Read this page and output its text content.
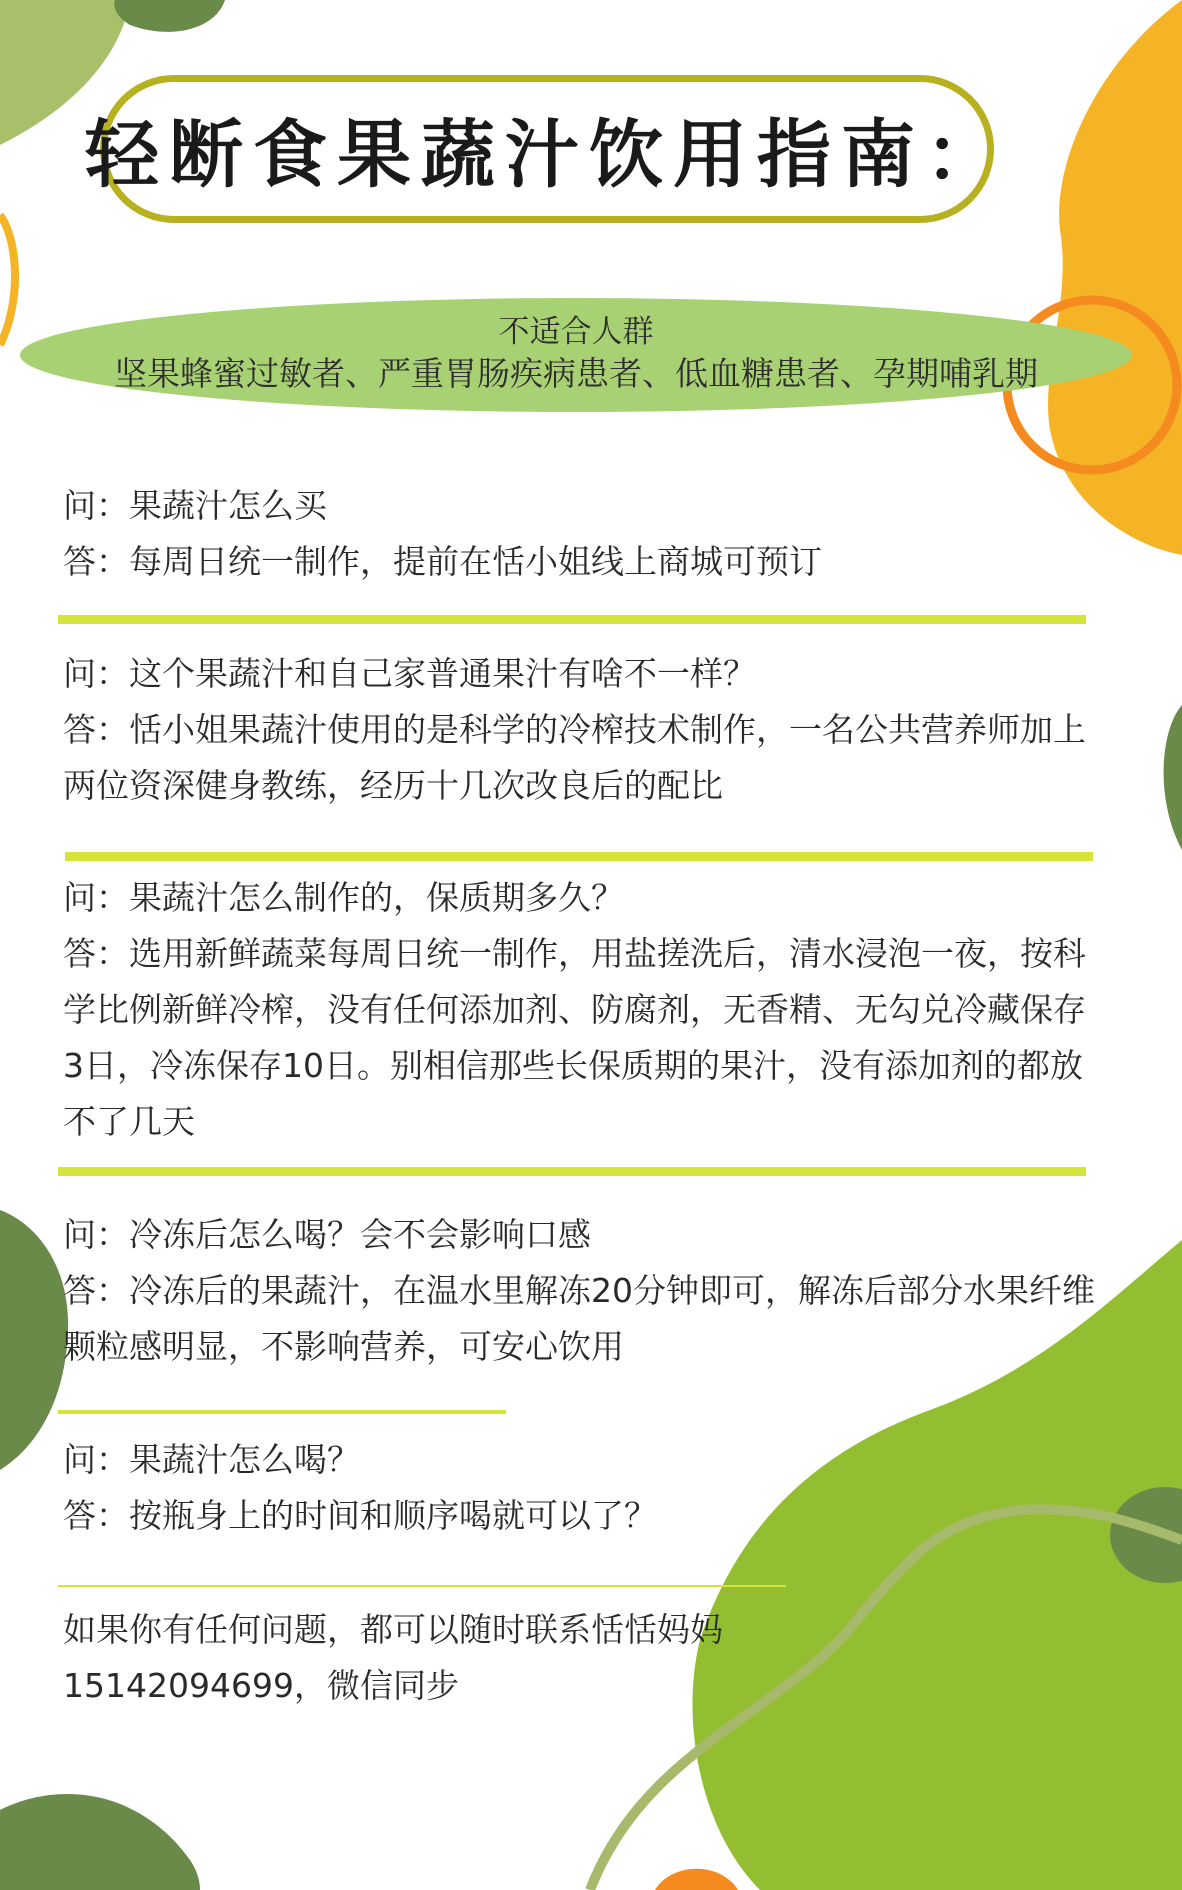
轻断食果蔬汁饮用指南：
不适合人群
坚果蜂蜜过敏者、严重胃肠疾病患者、低血糖患者、孕期哺乳期

问：果蔬汁怎么买

答：每周日统一制作，提前在恬小姐线上商城可预订

问：这个果蔬汁和自己家普通果汁有啥不一样？

答：恬小姐果蔬汁使用的是科学的冷榨技术制作，一名公共营养师加上两位资深健身教练，经历十几次改良后的配比

问：果蔬汁怎么制作的，保质期多久？

答：选用新鲜蔬菜每周日统一制作，用盐搓洗后，清水浸泡一夜，按科学比例新鲜冷榨，没有任何添加剂、防腐剂，无香精、无勾兑冷藏保存3日，冷冻保存10日。别相信那些长保质期的果汁，没有添加剂的都放不了几天

问：冷冻后怎么喝？会不会影响口感

答：冷冻后的果蔬汁，在温水里解冻20分钟即可，解冻后部分水果纤维颗粒感明显，不影响营养，可安心饮用

问：果蔬汁怎么喝？

答：按瓶身上的时间和顺序喝就可以了？

如果你有任何问题，都可以随时联系恬恬妈妈

15142094699，微信同步
